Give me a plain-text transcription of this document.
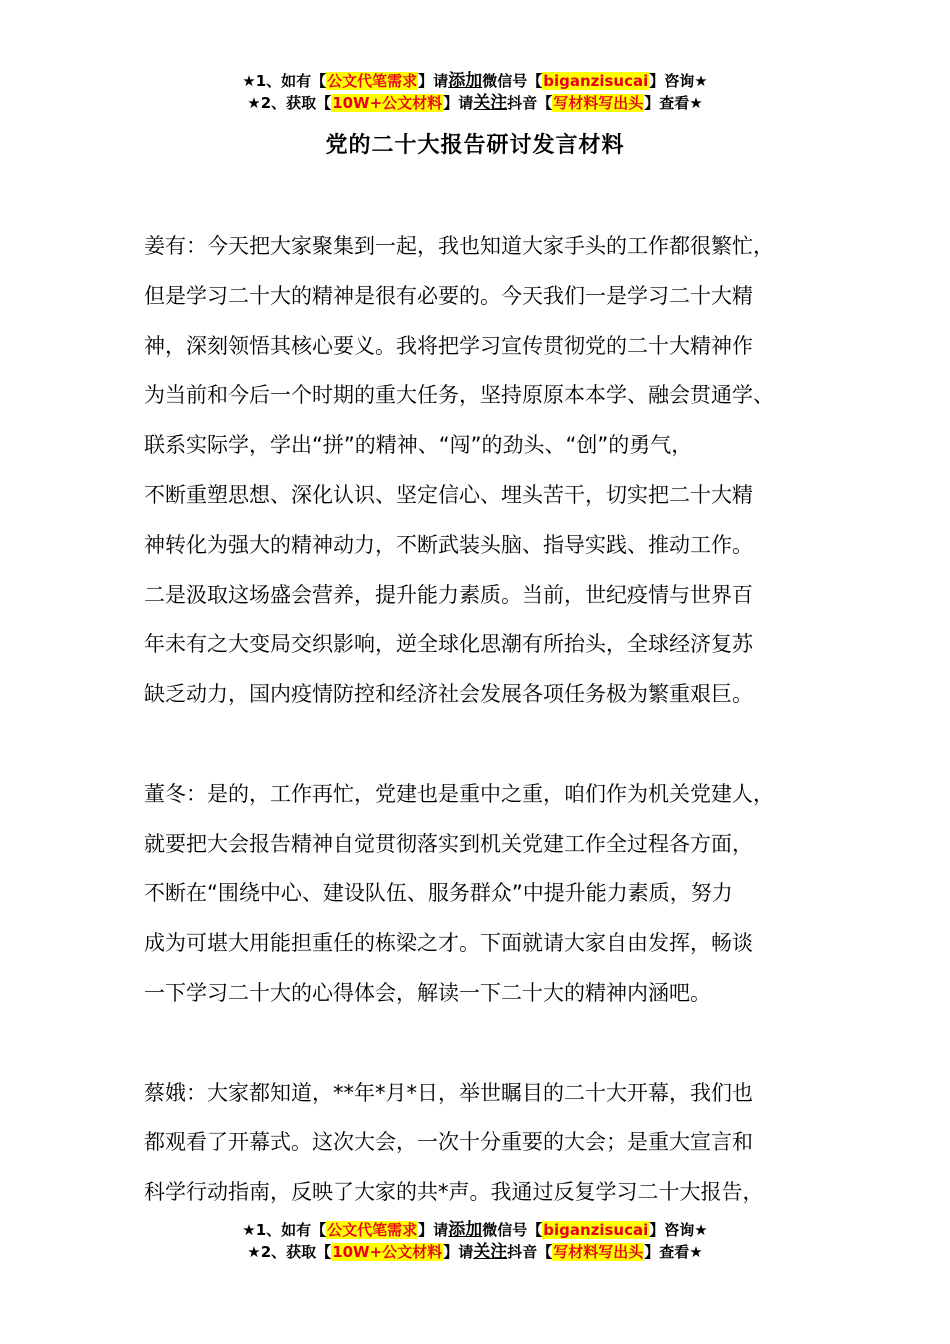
★1、如有【公文代笔需求】请添加微信号【biganzisucai】咨询★
★2、获取【10W+公文材料】请关注抖音【写材料写出头】查看★
党的二十大报告研讨发言材料
姜有：今天把大家聚集到一起，我也知道大家手头的工作都很繁忙，
但是学习二十大的精神是很有必要的。今天我们一是学习二十大精
神，深刻领悟其核心要义。我将把学习宣传贯彻党的二十大精神作
为当前和今后一个时期的重大任务，坚持原原本本学、融会贯通学、
联系实际学，学出“拼”的精神、“闯”的劲头、“创”的勇气，
不断重塑思想、深化认识、坚定信心、埋头苦干，切实把二十大精
神转化为强大的精神动力，不断武装头脑、指导实践、推动工作。
二是汲取这场盛会营养，提升能力素质。当前，世纪疫情与世界百
年未有之大变局交织影响，逆全球化思潮有所抬头，全球经济复苏
缺乏动力，国内疫情防控和经济社会发展各项任务极为繁重艰巨。
董冬：是的，工作再忙，党建也是重中之重，咱们作为机关党建人，
就要把大会报告精神自觉贯彻落实到机关党建工作全过程各方面，
不断在“围绕中心、建设队伍、服务群众”中提升能力素质，努力
成为可堪大用能担重任的栋梁之才。下面就请大家自由发挥，畅谈
一下学习二十大的心得体会，解读一下二十大的精神内涵吧。
蔡娥：大家都知道，**年*月*日，举世瞩目的二十大开幕，我们也
都观看了开幕式。这次大会，一次十分重要的大会；是重大宣言和
科学行动指南，反映了大家的共*声。我通过反复学习二十大报告，
★1、如有【公文代笔需求】请添加微信号【biganzisucai】咨询★
★2、获取【10W+公文材料】请关注抖音【写材料写出头】查看★
